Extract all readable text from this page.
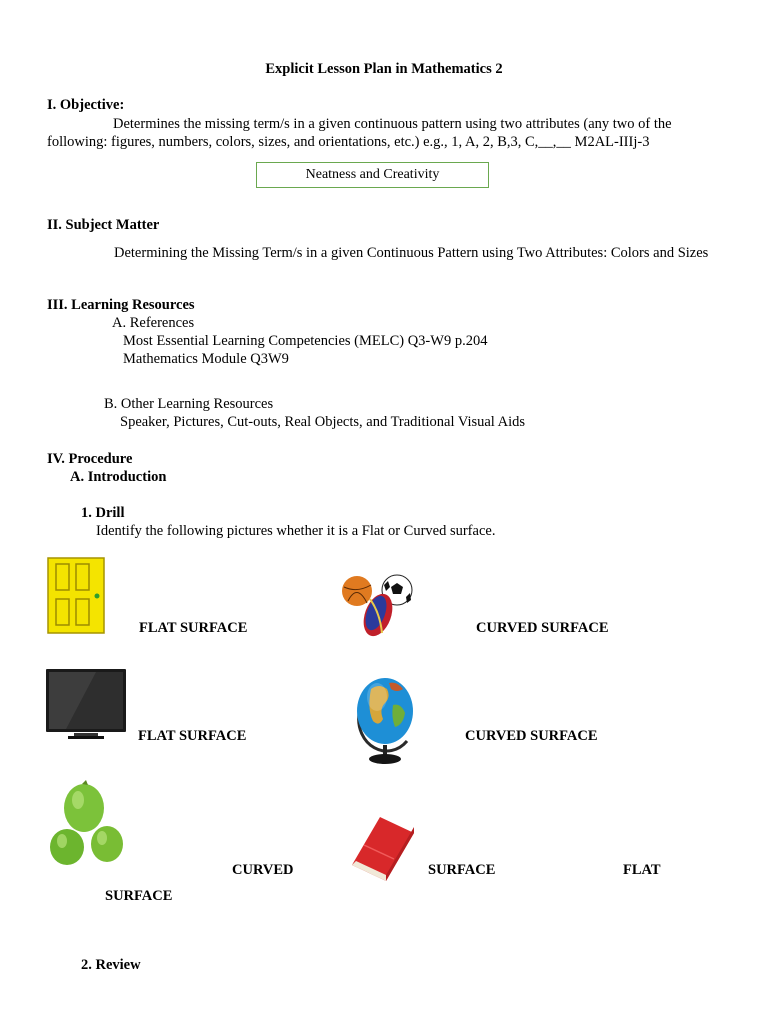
Explicit Lesson Plan in Mathematics 2
I. Objective:
Determines the missing term/s in a given continuous pattern using two attributes (any two of the following: figures, numbers, colors, sizes, and orientations, etc.) e.g., 1, A, 2, B,3, C,__,__ M2AL-IIIj-3
Neatness and Creativity
II. Subject Matter
Determining the Missing Term/s in a given Continuous Pattern using Two Attributes: Colors and Sizes
III. Learning Resources
A. References
Most Essential Learning Competencies (MELC) Q3-W9 p.204
Mathematics Module Q3W9
B. Other Learning Resources
Speaker, Pictures, Cut-outs, Real Objects, and Traditional Visual Aids
IV. Procedure
A. Introduction
1. Drill
Identify the following pictures whether it is a Flat or Curved surface.
FLAT SURFACE	CURVED SURFACE
FLAT SURFACE	CURVED SURFACE
CURVED	SURFACE	FLAT
SURFACE
2. Review
